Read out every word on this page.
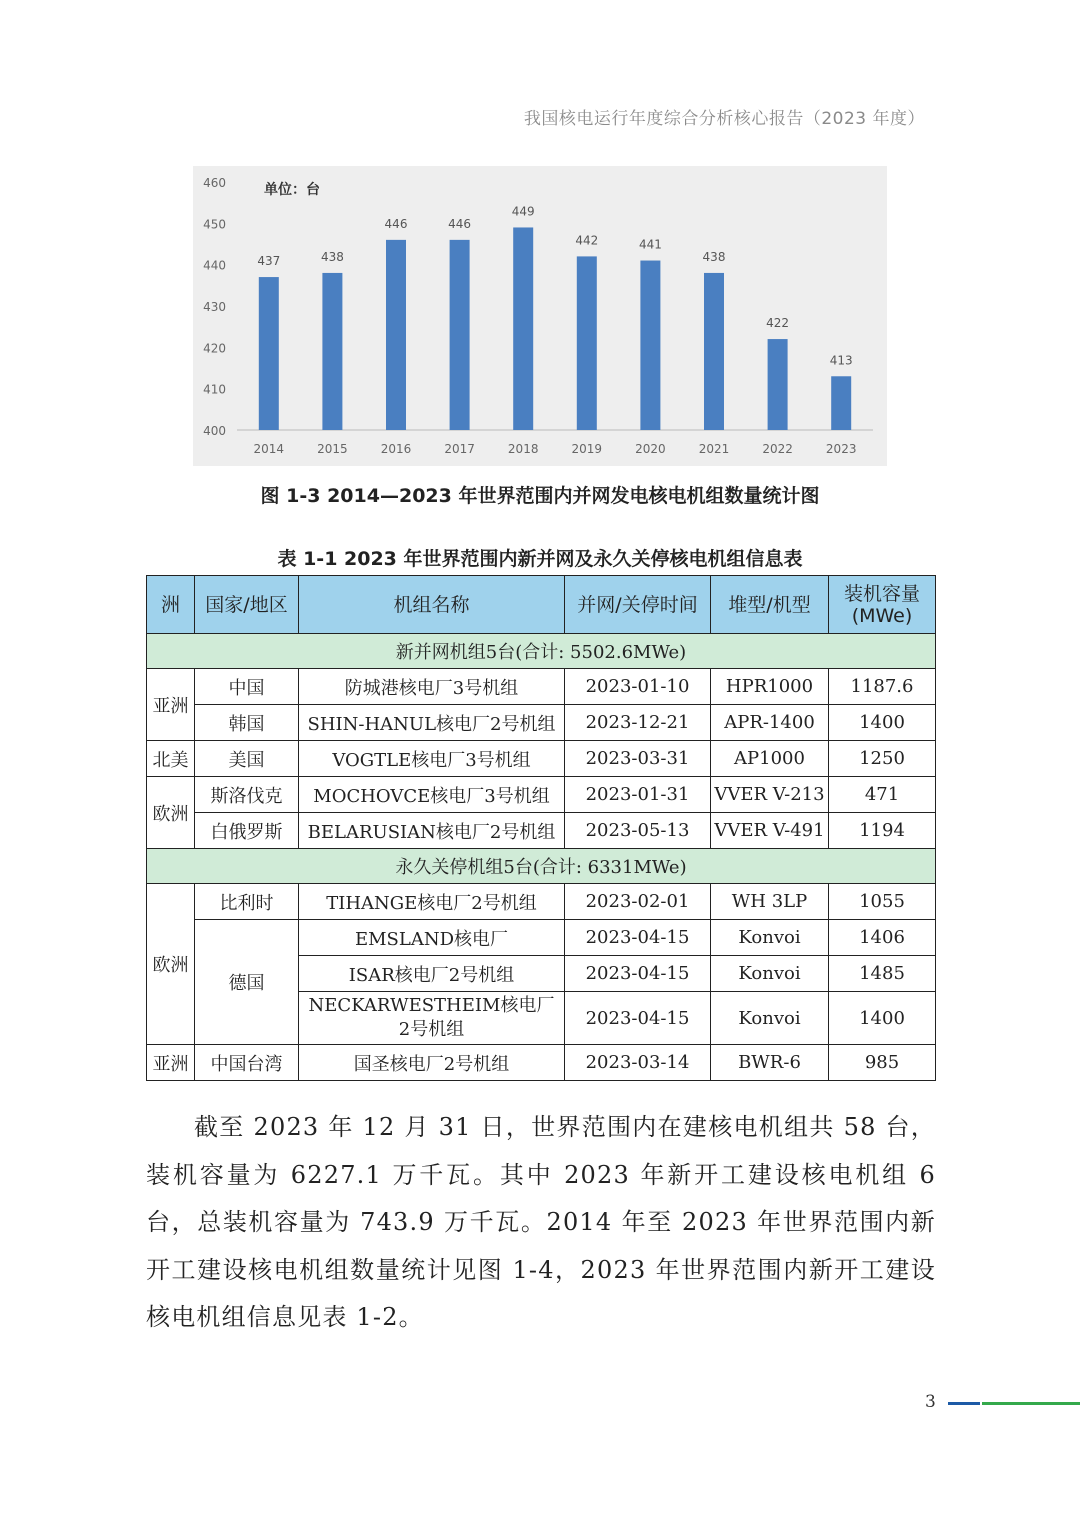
我国核电运行年度综合分析核心报告（2023 年度）
400
410
420
430
440
450
460	单位：台
437
2014
438
2015
446
2016
446
2017
449
2018
442
2019
441
2020
438
2021
422
2022
413
2023
图 1-3 2014—2023 年世界范围内并网发电核电机组数量统计图
表 1-1 2023 年世界范围内新并网及永久关停核电机组信息表
洲	国家/地区	机组名称	并网/关停时间	堆型/机型	装机容量
(MWe)
新并网机组5台(合计: 5502.6MWe)					
亚洲	中国	防城港核电厂3号机组	2023-01-10	HPR1000	1187.6
	韩国	SHIN-HANUL核电厂2号机组	2023-12-21	APR-1400	1400
北美	美国	VOGTLE核电厂3号机组	2023-03-31	AP1000	1250
欧洲	斯洛伐克	MOCHOVCE核电厂3号机组	2023-01-31	VVER V-213	471
	白俄罗斯	BELARUSIAN核电厂2号机组	2023-05-13	VVER V-491	1194
永久关停机组5台(合计: 6331MWe)					
欧洲	比利时	TIHANGE核电厂2号机组	2023-02-01	WH 3LP	1055
	德国	EMSLAND核电厂	2023-04-15	Konvoi	1406
		ISAR核电厂2号机组	2023-04-15	Konvoi	1485
		NECKARWESTHEIM核电厂
2号机组	2023-04-15	Konvoi	1400
亚洲	中国台湾	国圣核电厂2号机组	2023-03-14	BWR-6	985

截至 2023 年 12 月 31 日，世界范围内在建核电机组共 58 台，装机容量为 6227.1 万千瓦。其中 2023 年新开工建设核电机组 6 台，总装机容量为 743.9 万千瓦。2014 年至 2023 年世界范围内新开工建设核电机组数量统计见图 1-4，2023 年世界范围内新开工建设核电机组信息见表 1-2。

3
